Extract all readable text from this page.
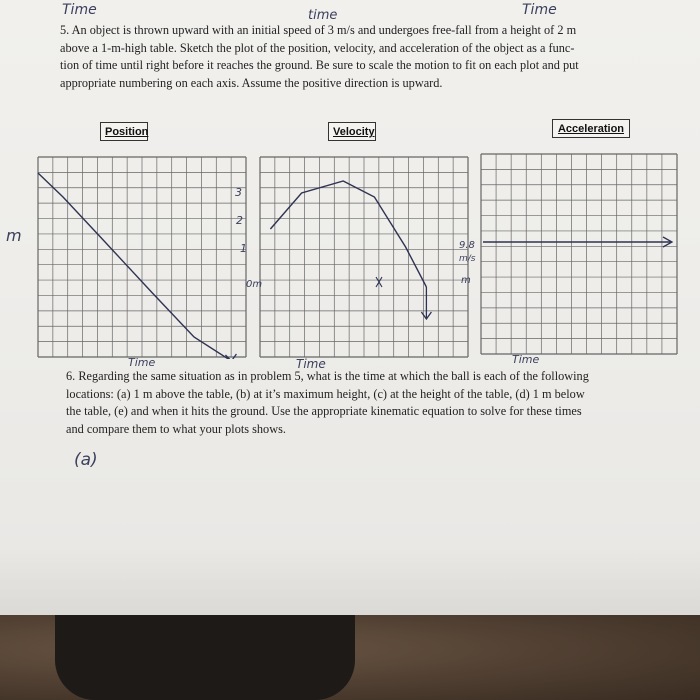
Time	time	Time
5. An object is thrown upward with an initial speed of 3 m/s and undergoes free-fall from a height of 2 m
above a 1-m-high table. Sketch the plot of the position, velocity, and acceleration of the object as a func-
tion of time until right before it reaches the ground. Be sure to scale the motion to fit on each plot and put
appropriate numbering on each axis. Assume the positive direction is upward.
Position	Velocity	Acceleration
m
3
2
1
0m
9.8
m/s
m
Time	Time	Time
6. Regarding the same situation as in problem 5, what is the time at which the ball is each of the following
locations: (a) 1 m above the table, (b) at it’s maximum height, (c) at the height of the table, (d) 1 m below
the table, (e) and when it hits the ground. Use the appropriate kinematic equation to solve for these times
and compare them to what your plots shows.
(a)
